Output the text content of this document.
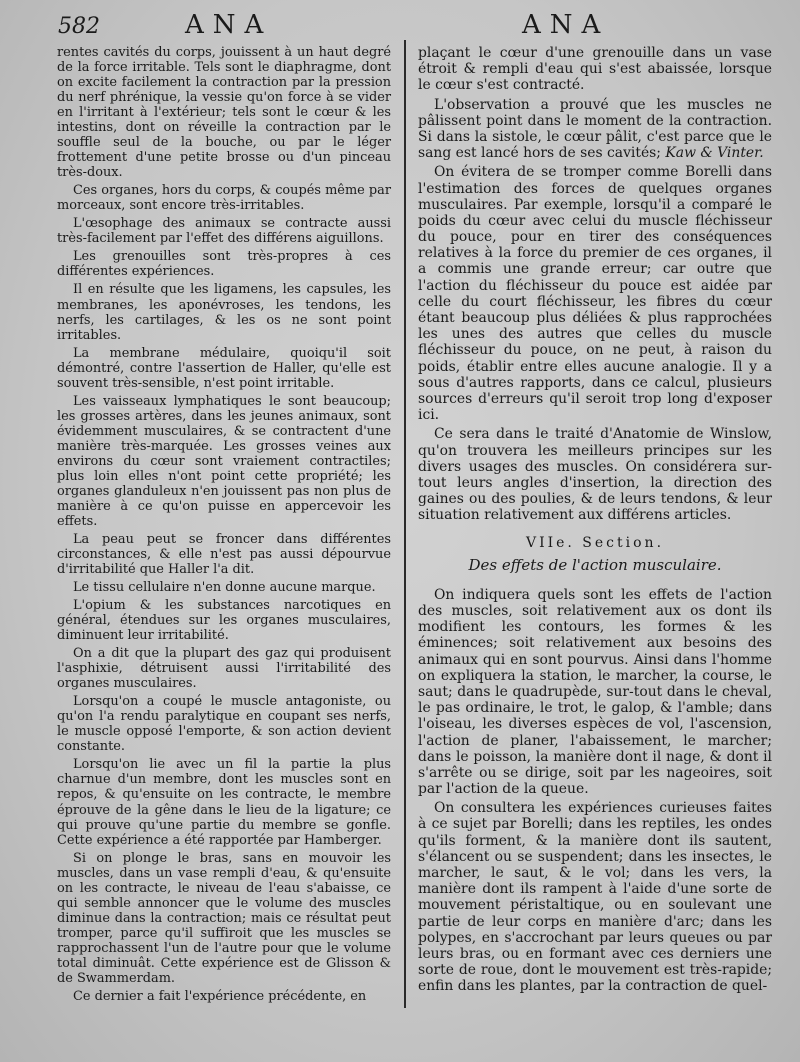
582	ANA	ANA

rentes cavités du corps, jouissent à un haut degré de la force irritable. Tels sont le diaphragme, dont on excite facilement la contraction par la pression du nerf phrénique, la vessie qu'on force à se vider en l'irritant à l'extérieur; tels sont le cœur & les intestins, dont on réveille la contraction par le souffle seul de la bouche, ou par le léger frottement d'une petite brosse ou d'un pinceau très-doux.

Ces organes, hors du corps, & coupés même par morceaux, sont encore très-irritables.

L'œsophage des animaux se contracte aussi très-facilement par l'effet des différens aiguillons.

Les grenouilles sont très-propres à ces différentes expériences.

Il en résulte que les ligamens, les capsules, les membranes, les aponévroses, les tendons, les nerfs, les cartilages, & les os ne sont point irritables.

La membrane médulaire, quoiqu'il soit démontré, contre l'assertion de Haller, qu'elle est souvent très-sensible, n'est point irritable.

Les vaisseaux lymphatiques le sont beaucoup; les grosses artères, dans les jeunes animaux, sont évidemment musculaires, & se contractent d'une manière très-marquée. Les grosses veines aux environs du cœur sont vraiement contractiles; plus loin elles n'ont point cette propriété; les organes glanduleux n'en jouissent pas non plus de manière à ce qu'on puisse en appercevoir les effets.

La peau peut se froncer dans différentes circonstances, & elle n'est pas aussi dépourvue d'irritabilité que Haller l'a dit.

Le tissu cellulaire n'en donne aucune marque.

L'opium & les substances narcotiques en général, étendues sur les organes musculaires, diminuent leur irritabilité.

On a dit que la plupart des gaz qui produisent l'asphixie, détruisent aussi l'irritabilité des organes musculaires.

Lorsqu'on a coupé le muscle antagoniste, ou qu'on l'a rendu paralytique en coupant ses nerfs, le muscle opposé l'emporte, & son action devient constante.

Lorsqu'on lie avec un fil la partie la plus charnue d'un membre, dont les muscles sont en repos, & qu'ensuite on les contracte, le membre éprouve de la gêne dans le lieu de la ligature; ce qui prouve qu'une partie du membre se gonfle. Cette expérience a été rapportée par Hamberger.

Si on plonge le bras, sans en mouvoir les muscles, dans un vase rempli d'eau, & qu'ensuite on les contracte, le niveau de l'eau s'abaisse, ce qui semble annoncer que le volume des muscles diminue dans la contraction; mais ce résultat peut tromper, parce qu'il suffiroit que les muscles se rapprochassent l'un de l'autre pour que le volume total diminuât. Cette expérience est de Glisson & de Swammerdam.

Ce dernier a fait l'expérience précédente, en

plaçant le cœur d'une grenouille dans un vase étroit & rempli d'eau qui s'est abaissée, lorsque le cœur s'est contracté.

L'observation a prouvé que les muscles ne pâlissent point dans le moment de la contraction. Si dans la sistole, le cœur pâlit, c'est parce que le sang est lancé hors de ses cavités; Kaw & Vinter.

On évitera de se tromper comme Borelli dans l'estimation des forces de quelques organes musculaires. Par exemple, lorsqu'il a comparé le poids du cœur avec celui du muscle fléchisseur du pouce, pour en tirer des conséquences relatives à la force du premier de ces organes, il a commis une grande erreur; car outre que l'action du fléchisseur du pouce est aidée par celle du court fléchisseur, les fibres du cœur étant beaucoup plus déliées & plus rapprochées les unes des autres que celles du muscle fléchisseur du pouce, on ne peut, à raison du poids, établir entre elles aucune analogie. Il y a sous d'autres rapports, dans ce calcul, plusieurs sources d'erreurs qu'il seroit trop long d'exposer ici.

Ce sera dans le traité d'Anatomie de Winslow, qu'on trouvera les meilleurs principes sur les divers usages des muscles. On considérera sur-tout leurs angles d'insertion, la direction des gaines ou des poulies, & de leurs tendons, & leur situation relativement aux différens articles.

VIIe. Section.
Des effets de l'action musculaire.

On indiquera quels sont les effets de l'action des muscles, soit relativement aux os dont ils modifient les contours, les formes & les éminences; soit relativement aux besoins des animaux qui en sont pourvus. Ainsi dans l'homme on expliquera la station, le marcher, la course, le saut; dans le quadrupède, sur-tout dans le cheval, le pas ordinaire, le trot, le galop, & l'amble; dans l'oiseau, les diverses espèces de vol, l'ascension, l'action de planer, l'abaissement, le marcher; dans le poisson, la manière dont il nage, & dont il s'arrête ou se dirige, soit par les nageoires, soit par l'action de la queue.

On consultera les expériences curieuses faites à ce sujet par Borelli; dans les reptiles, les ondes qu'ils forment, & la manière dont ils sautent, s'élancent ou se suspendent; dans les insectes, le marcher, le saut, & le vol; dans les vers, la manière dont ils rampent à l'aide d'une sorte de mouvement péristaltique, ou en soulevant une partie de leur corps en manière d'arc; dans les polypes, en s'accrochant par leurs queues ou par leurs bras, ou en formant avec ces derniers une sorte de roue, dont le mouvement est très-rapide; enfin dans les plantes, par la contraction de quel-
